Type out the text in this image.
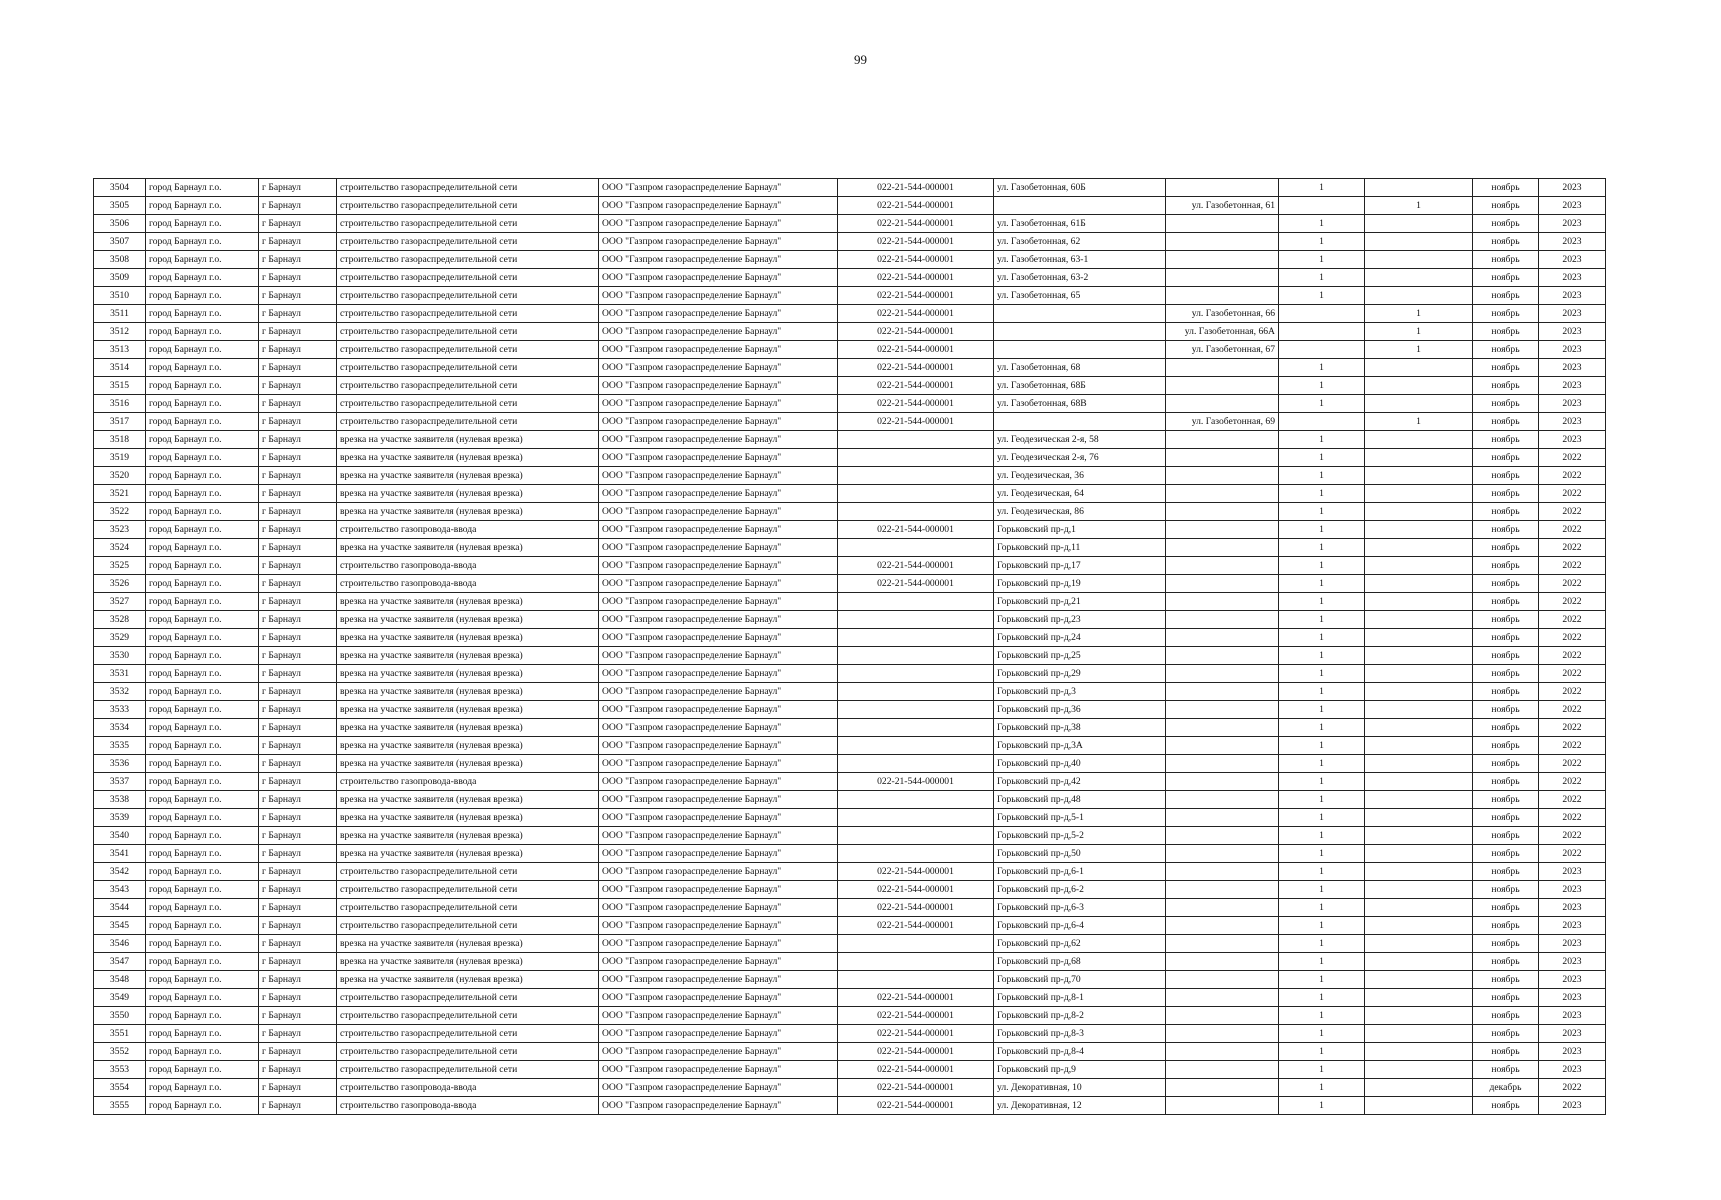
99
3504	город Барнаул г.о.	г Барнаул	строительство газораспределительной сети	ООО "Газпром газораспределение Барнаул"	022-21-544-000001	ул. Газобетонная, 60Б		1		ноябрь	2023
3505	город Барнаул г.о.	г Барнаул	строительство газораспределительной сети	ООО "Газпром газораспределение Барнаул"	022-21-544-000001		ул. Газобетонная, 61		1	ноябрь	2023
3506	город Барнаул г.о.	г Барнаул	строительство газораспределительной сети	ООО "Газпром газораспределение Барнаул"	022-21-544-000001	ул. Газобетонная, 61Б		1		ноябрь	2023
3507	город Барнаул г.о.	г Барнаул	строительство газораспределительной сети	ООО "Газпром газораспределение Барнаул"	022-21-544-000001	ул. Газобетонная, 62		1		ноябрь	2023
3508	город Барнаул г.о.	г Барнаул	строительство газораспределительной сети	ООО "Газпром газораспределение Барнаул"	022-21-544-000001	ул. Газобетонная, 63-1		1		ноябрь	2023
3509	город Барнаул г.о.	г Барнаул	строительство газораспределительной сети	ООО "Газпром газораспределение Барнаул"	022-21-544-000001	ул. Газобетонная, 63-2		1		ноябрь	2023
3510	город Барнаул г.о.	г Барнаул	строительство газораспределительной сети	ООО "Газпром газораспределение Барнаул"	022-21-544-000001	ул. Газобетонная, 65		1		ноябрь	2023
3511	город Барнаул г.о.	г Барнаул	строительство газораспределительной сети	ООО "Газпром газораспределение Барнаул"	022-21-544-000001		ул. Газобетонная, 66		1	ноябрь	2023
3512	город Барнаул г.о.	г Барнаул	строительство газораспределительной сети	ООО "Газпром газораспределение Барнаул"	022-21-544-000001		ул. Газобетонная, 66А		1	ноябрь	2023
3513	город Барнаул г.о.	г Барнаул	строительство газораспределительной сети	ООО "Газпром газораспределение Барнаул"	022-21-544-000001		ул. Газобетонная, 67		1	ноябрь	2023
3514	город Барнаул г.о.	г Барнаул	строительство газораспределительной сети	ООО "Газпром газораспределение Барнаул"	022-21-544-000001	ул. Газобетонная, 68		1		ноябрь	2023
3515	город Барнаул г.о.	г Барнаул	строительство газораспределительной сети	ООО "Газпром газораспределение Барнаул"	022-21-544-000001	ул. Газобетонная, 68Б		1		ноябрь	2023
3516	город Барнаул г.о.	г Барнаул	строительство газораспределительной сети	ООО "Газпром газораспределение Барнаул"	022-21-544-000001	ул. Газобетонная, 68В		1		ноябрь	2023
3517	город Барнаул г.о.	г Барнаул	строительство газораспределительной сети	ООО "Газпром газораспределение Барнаул"	022-21-544-000001		ул. Газобетонная, 69		1	ноябрь	2023
3518	город Барнаул г.о.	г Барнаул	врезка на участке заявителя (нулевая врезка)	ООО "Газпром газораспределение Барнаул"		ул. Геодезическая 2-я, 58		1		ноябрь	2023
3519	город Барнаул г.о.	г Барнаул	врезка на участке заявителя (нулевая врезка)	ООО "Газпром газораспределение Барнаул"		ул. Геодезическая 2-я, 76		1		ноябрь	2022
3520	город Барнаул г.о.	г Барнаул	врезка на участке заявителя (нулевая врезка)	ООО "Газпром газораспределение Барнаул"		ул. Геодезическая, 36		1		ноябрь	2022
3521	город Барнаул г.о.	г Барнаул	врезка на участке заявителя (нулевая врезка)	ООО "Газпром газораспределение Барнаул"		ул. Геодезическая, 64		1		ноябрь	2022
3522	город Барнаул г.о.	г Барнаул	врезка на участке заявителя (нулевая врезка)	ООО "Газпром газораспределение Барнаул"		ул. Геодезическая, 86		1		ноябрь	2022
3523	город Барнаул г.о.	г Барнаул	строительство газопровода-ввода	ООО "Газпром газораспределение Барнаул"	022-21-544-000001	Горьковский пр-д,1		1		ноябрь	2022
3524	город Барнаул г.о.	г Барнаул	врезка на участке заявителя (нулевая врезка)	ООО "Газпром газораспределение Барнаул"		Горьковский пр-д,11		1		ноябрь	2022
3525	город Барнаул г.о.	г Барнаул	строительство газопровода-ввода	ООО "Газпром газораспределение Барнаул"	022-21-544-000001	Горьковский пр-д,17		1		ноябрь	2022
3526	город Барнаул г.о.	г Барнаул	строительство газопровода-ввода	ООО "Газпром газораспределение Барнаул"	022-21-544-000001	Горьковский пр-д,19		1		ноябрь	2022
3527	город Барнаул г.о.	г Барнаул	врезка на участке заявителя (нулевая врезка)	ООО "Газпром газораспределение Барнаул"		Горьковский пр-д,21		1		ноябрь	2022
3528	город Барнаул г.о.	г Барнаул	врезка на участке заявителя (нулевая врезка)	ООО "Газпром газораспределение Барнаул"		Горьковский пр-д,23		1		ноябрь	2022
3529	город Барнаул г.о.	г Барнаул	врезка на участке заявителя (нулевая врезка)	ООО "Газпром газораспределение Барнаул"		Горьковский пр-д,24		1		ноябрь	2022
3530	город Барнаул г.о.	г Барнаул	врезка на участке заявителя (нулевая врезка)	ООО "Газпром газораспределение Барнаул"		Горьковский пр-д,25		1		ноябрь	2022
3531	город Барнаул г.о.	г Барнаул	врезка на участке заявителя (нулевая врезка)	ООО "Газпром газораспределение Барнаул"		Горьковский пр-д,29		1		ноябрь	2022
3532	город Барнаул г.о.	г Барнаул	врезка на участке заявителя (нулевая врезка)	ООО "Газпром газораспределение Барнаул"		Горьковский пр-д,3		1		ноябрь	2022
3533	город Барнаул г.о.	г Барнаул	врезка на участке заявителя (нулевая врезка)	ООО "Газпром газораспределение Барнаул"		Горьковский пр-д,36		1		ноябрь	2022
3534	город Барнаул г.о.	г Барнаул	врезка на участке заявителя (нулевая врезка)	ООО "Газпром газораспределение Барнаул"		Горьковский пр-д,38		1		ноябрь	2022
3535	город Барнаул г.о.	г Барнаул	врезка на участке заявителя (нулевая врезка)	ООО "Газпром газораспределение Барнаул"		Горьковский пр-д,3А		1		ноябрь	2022
3536	город Барнаул г.о.	г Барнаул	врезка на участке заявителя (нулевая врезка)	ООО "Газпром газораспределение Барнаул"		Горьковский пр-д,40		1		ноябрь	2022
3537	город Барнаул г.о.	г Барнаул	строительство газопровода-ввода	ООО "Газпром газораспределение Барнаул"	022-21-544-000001	Горьковский пр-д,42		1		ноябрь	2022
3538	город Барнаул г.о.	г Барнаул	врезка на участке заявителя (нулевая врезка)	ООО "Газпром газораспределение Барнаул"		Горьковский пр-д,48		1		ноябрь	2022
3539	город Барнаул г.о.	г Барнаул	врезка на участке заявителя (нулевая врезка)	ООО "Газпром газораспределение Барнаул"		Горьковский пр-д,5-1		1		ноябрь	2022
3540	город Барнаул г.о.	г Барнаул	врезка на участке заявителя (нулевая врезка)	ООО "Газпром газораспределение Барнаул"		Горьковский пр-д,5-2		1		ноябрь	2022
3541	город Барнаул г.о.	г Барнаул	врезка на участке заявителя (нулевая врезка)	ООО "Газпром газораспределение Барнаул"		Горьковский пр-д,50		1		ноябрь	2022
3542	город Барнаул г.о.	г Барнаул	строительство газораспределительной сети	ООО "Газпром газораспределение Барнаул"	022-21-544-000001	Горьковский пр-д,6-1		1		ноябрь	2023
3543	город Барнаул г.о.	г Барнаул	строительство газораспределительной сети	ООО "Газпром газораспределение Барнаул"	022-21-544-000001	Горьковский пр-д,6-2		1		ноябрь	2023
3544	город Барнаул г.о.	г Барнаул	строительство газораспределительной сети	ООО "Газпром газораспределение Барнаул"	022-21-544-000001	Горьковский пр-д,6-3		1		ноябрь	2023
3545	город Барнаул г.о.	г Барнаул	строительство газораспределительной сети	ООО "Газпром газораспределение Барнаул"	022-21-544-000001	Горьковский пр-д,6-4		1		ноябрь	2023
3546	город Барнаул г.о.	г Барнаул	врезка на участке заявителя (нулевая врезка)	ООО "Газпром газораспределение Барнаул"		Горьковский пр-д,62		1		ноябрь	2023
3547	город Барнаул г.о.	г Барнаул	врезка на участке заявителя (нулевая врезка)	ООО "Газпром газораспределение Барнаул"		Горьковский пр-д,68		1		ноябрь	2023
3548	город Барнаул г.о.	г Барнаул	врезка на участке заявителя (нулевая врезка)	ООО "Газпром газораспределение Барнаул"		Горьковский пр-д,70		1		ноябрь	2023
3549	город Барнаул г.о.	г Барнаул	строительство газораспределительной сети	ООО "Газпром газораспределение Барнаул"	022-21-544-000001	Горьковский пр-д,8-1		1		ноябрь	2023
3550	город Барнаул г.о.	г Барнаул	строительство газораспределительной сети	ООО "Газпром газораспределение Барнаул"	022-21-544-000001	Горьковский пр-д,8-2		1		ноябрь	2023
3551	город Барнаул г.о.	г Барнаул	строительство газораспределительной сети	ООО "Газпром газораспределение Барнаул"	022-21-544-000001	Горьковский пр-д,8-3		1		ноябрь	2023
3552	город Барнаул г.о.	г Барнаул	строительство газораспределительной сети	ООО "Газпром газораспределение Барнаул"	022-21-544-000001	Горьковский пр-д,8-4		1		ноябрь	2023
3553	город Барнаул г.о.	г Барнаул	строительство газораспределительной сети	ООО "Газпром газораспределение Барнаул"	022-21-544-000001	Горьковский пр-д,9		1		ноябрь	2023
3554	город Барнаул г.о.	г Барнаул	строительство газопровода-ввода	ООО "Газпром газораспределение Барнаул"	022-21-544-000001	ул. Декоративная, 10		1		декабрь	2022
3555	город Барнаул г.о.	г Барнаул	строительство газопровода-ввода	ООО "Газпром газораспределение Барнаул"	022-21-544-000001	ул. Декоративная, 12		1		ноябрь	2023
